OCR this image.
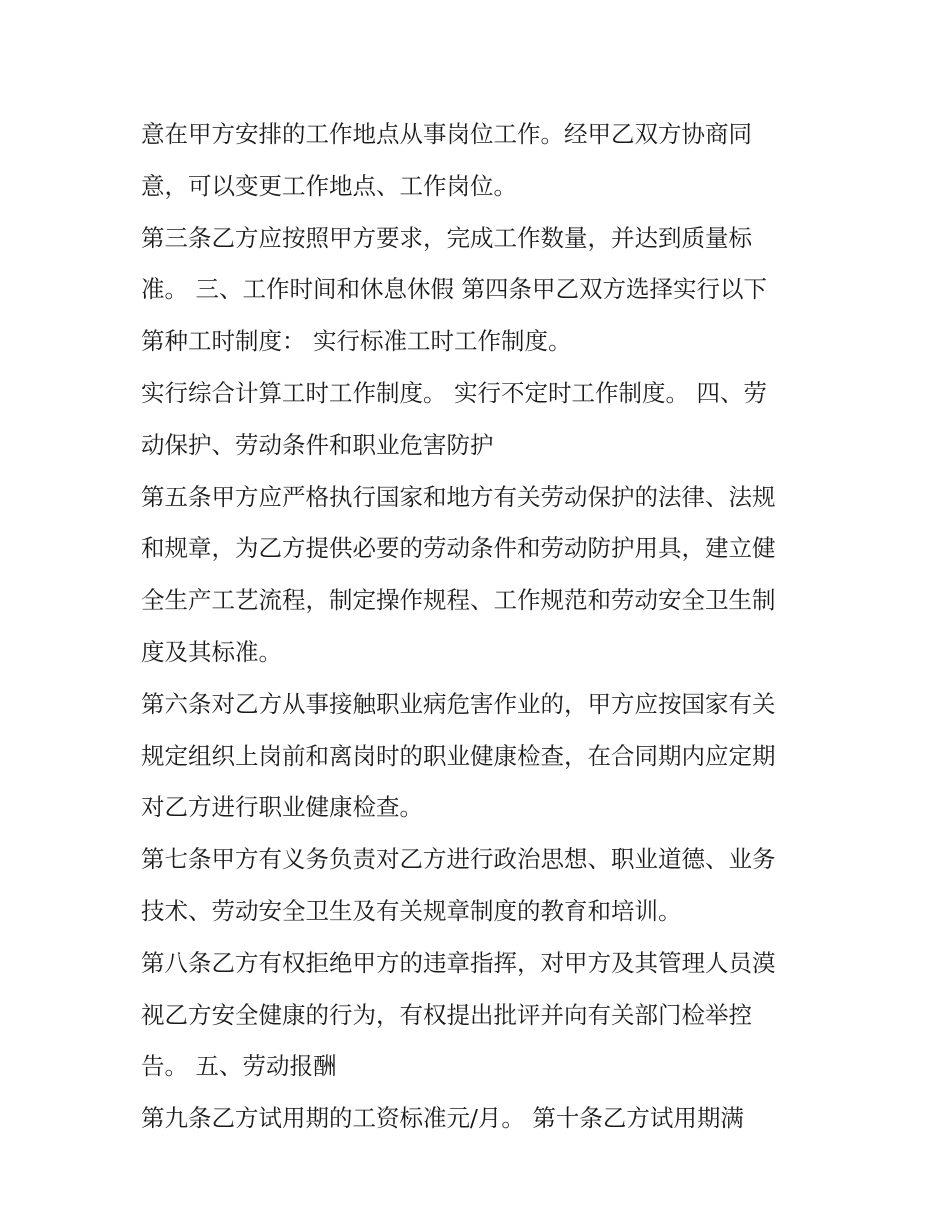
意在甲方安排的工作地点从事岗位工作。经甲乙双方协商同
意，可以变更工作地点、工作岗位。
第三条乙方应按照甲方要求，完成工作数量，并达到质量标
准。 三、工作时间和休息休假 第四条甲乙双方选择实行以下
第种工时制度： 实行标准工时工作制度。
实行综合计算工时工作制度。 实行不定时工作制度。 四、劳
动保护、劳动条件和职业危害防护
第五条甲方应严格执行国家和地方有关劳动保护的法律、法规
和规章，为乙方提供必要的劳动条件和劳动防护用具，建立健
全生产工艺流程，制定操作规程、工作规范和劳动安全卫生制
度及其标准。
第六条对乙方从事接触职业病危害作业的，甲方应按国家有关
规定组织上岗前和离岗时的职业健康检查，在合同期内应定期
对乙方进行职业健康检查。
第七条甲方有义务负责对乙方进行政治思想、职业道德、业务
技术、劳动安全卫生及有关规章制度的教育和培训。
第八条乙方有权拒绝甲方的违章指挥，对甲方及其管理人员漠
视乙方安全健康的行为，有权提出批评并向有关部门检举控
告。 五、劳动报酬
第九条乙方试用期的工资标准元/月。 第十条乙方试用期满
